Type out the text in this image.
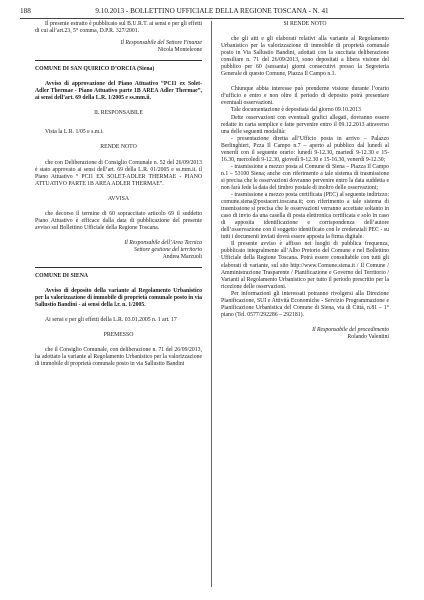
188	9.10.2013 - BOLLETTINO UFFICIALE DELLA REGIONE TOSCANA - N. 41

Il presente estratto è pubblicato sul B.U.R.T. ai sensi e per gli effetti di cui all’art.23, 5° comma, D.P.R. 327/2001.

Il Responsabile del Settore Finanze

Nicola Monteleone

COMUNE DI SAN QUIRICO D’ORCIA (Siena)

Avviso di approvazione del Piano Attuativo “PCI1 ex Solet-Adler Thermae - Piano Attuativo parte 1B AREA Adler Thermae”, ai sensi dell’art. 69 della L.R. 1/2005 e ss.mm.ii.

IL RESPONSABILE

Vista la L.R. 1/05 e s.m.i.

RENDE NOTO

che con Deliberazione di Consiglio Comunale n. 52 del 26/09/2013 è stato approvato ai sensi dell’art. 69 della L.R. 01/2005 e ss.mm.ii. il Piano Attuativo “ PCI1 EX SOLET-ADLER THERMAE - PIANO ATTUATIVO PARTE 1B AREA ADLER THERMAE”.

AVVISA

che decorso il termine di 60 sopraccitato articolo 69 il suddetto Piano Attuativo è efficace dalla data di pubblicazione del presente avviso sul Bollettino Ufficiale della Regione Toscana.

Il Responsabile dell’Area Tecnica

Settore gestione del territorio

Andrea Marzuoli

COMUNE DI SIENA

Avviso di deposito della variante al Regolamento Urbanistico per la valorizzazione di immobile di proprietà comunale posto in via Sallustio Bandini - ai sensi della l.r. n. 1/2005.

Ai sensi e per gli effetti della L.R. 03.01.2005 n. 1 art. 17

PREMESSO

che il Consiglio Comunale, con deliberazione n. 71 del 26/09/2013, ha adottato la variante al Regolamento Urbanistico per la valorizzazione di immobile di proprietà comunale posto in via Sallustio Bandini

SI RENDE NOTO

che gli atti e gli elaborati relativi alla variante al Regolamento Urbanistico per la valorizzazione di immobile di proprietà comunale posto in Via Sallustio Bandini, adottati con la succitata deliberazione consiliare n. 71 del 26/09/2013, sono depositati a libera visione del pubblico per 60 (sessanta) giorni consecutivi presso la Segreteria Generale di questo Comune, Piazza Il Campo n.1.

Chiunque abbia interesse può prenderne visione durante l’orario d’ufficio e entro e non oltre il periodo di deposito potrà presentare eventuali osservazioni.

Tale documentazione è depositata dal giorno 09.10.2013

Dette osservazioni con eventuali grafici allegati, dovranno essere redatte in carta semplice e fatte pervenire entro il 09.12.2013 attraverso una delle seguenti modalità:

- presentazione diretta all’Ufficio posta in arrivo – Palazzo Berlinghieri, Pzza Il Campo n.7 – aperto al pubblico dal lunedì al venerdì con il seguente orario: lunedì 9-12.30, martedì 9-12.30 e 15-16.30, mercoledì 9-12.30, giovedì 9-12.30 e 15-16.30, venerdì 9-12.30;

- trasmissione a mezzo posta al Comune di Siena – Piazza Il Campo n.1 – 53100 Siena; anche con riferimento a tale sistema di trasmissione si precisa che le osservazioni dovranno pervenire entro la data suddetta e non farà fede la data del timbro postale di inoltro delle osservazioni;

- trasmissione a mezzo posta certificata (PEC) al seguente indirizzo: comune.siena@postacert.toscana.it; con riferimento a tale sistema di trasmissione si precisa che le osservazioni verranno accettate soltanto in caso di invio da una casella di posta elettronica certificata e solo in caso di apposita identificazione e corrispondenza dell’autore dell’osservazione con il soggetto identificato con le credenziali PEC - su tutti i documenti inviati dovrà essere apposta la firma digitale.

Il presente avviso è affisso nei luoghi di pubblica frequenza, pubblicato integralmente all’Albo Pretorio del Comune e nel Bollettino Ufficiale della Regione Toscana. Potrà essere consultabile con tutti gli elaborati di variante, sul sito http://www.Comune.siena.it / Il Comune / Amministrazione Trasparente / Pianificazione e Governo del Territorio / Varianti al Regolamento Urbanistico per tutto il periodo prescritto per la ricezione delle osservazioni.

Per informazioni gli interessati potranno rivolgersi alla Direzione Pianificazione, SUI e Attività Economiche - Servizio Programmazione e Pianificazione Urbanistica del Comune di Siena, via di Città, n.81 – 1° piano (Tel. 0577/292286 – 292181).

Il Responsabile del procedimento

Rolando Valentini
